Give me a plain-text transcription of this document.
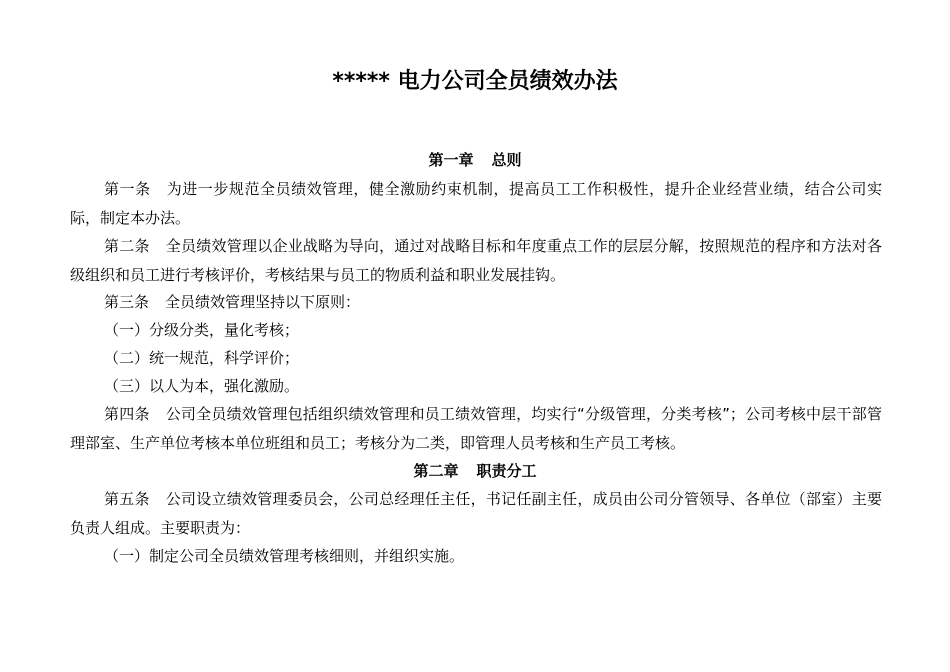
***** 电力公司全员绩效办法
第一章 总则

第一条 为进一步规范全员绩效管理，健全激励约束机制，提高员工工作积极性，提升企业经营业绩，结合公司实际，制定本办法。

第二条 全员绩效管理以企业战略为导向，通过对战略目标和年度重点工作的层层分解，按照规范的程序和方法对各级组织和员工进行考核评价，考核结果与员工的物质利益和职业发展挂钩。

第三条 全员绩效管理坚持以下原则：

（一）分级分类，量化考核；

（二）统一规范，科学评价；

（三）以人为本，强化激励。

第四条 公司全员绩效管理包括组织绩效管理和员工绩效管理，均实行“分级管理，分类考核”；公司考核中层干部管理部室、生产单位考核本单位班组和员工；考核分为二类，即管理人员考核和生产员工考核。

第二章 职责分工

第五条 公司设立绩效管理委员会，公司总经理任主任，书记任副主任，成员由公司分管领导、各单位（部室）主要负责人组成。主要职责为：

（一）制定公司全员绩效管理考核细则，并组织实施。
